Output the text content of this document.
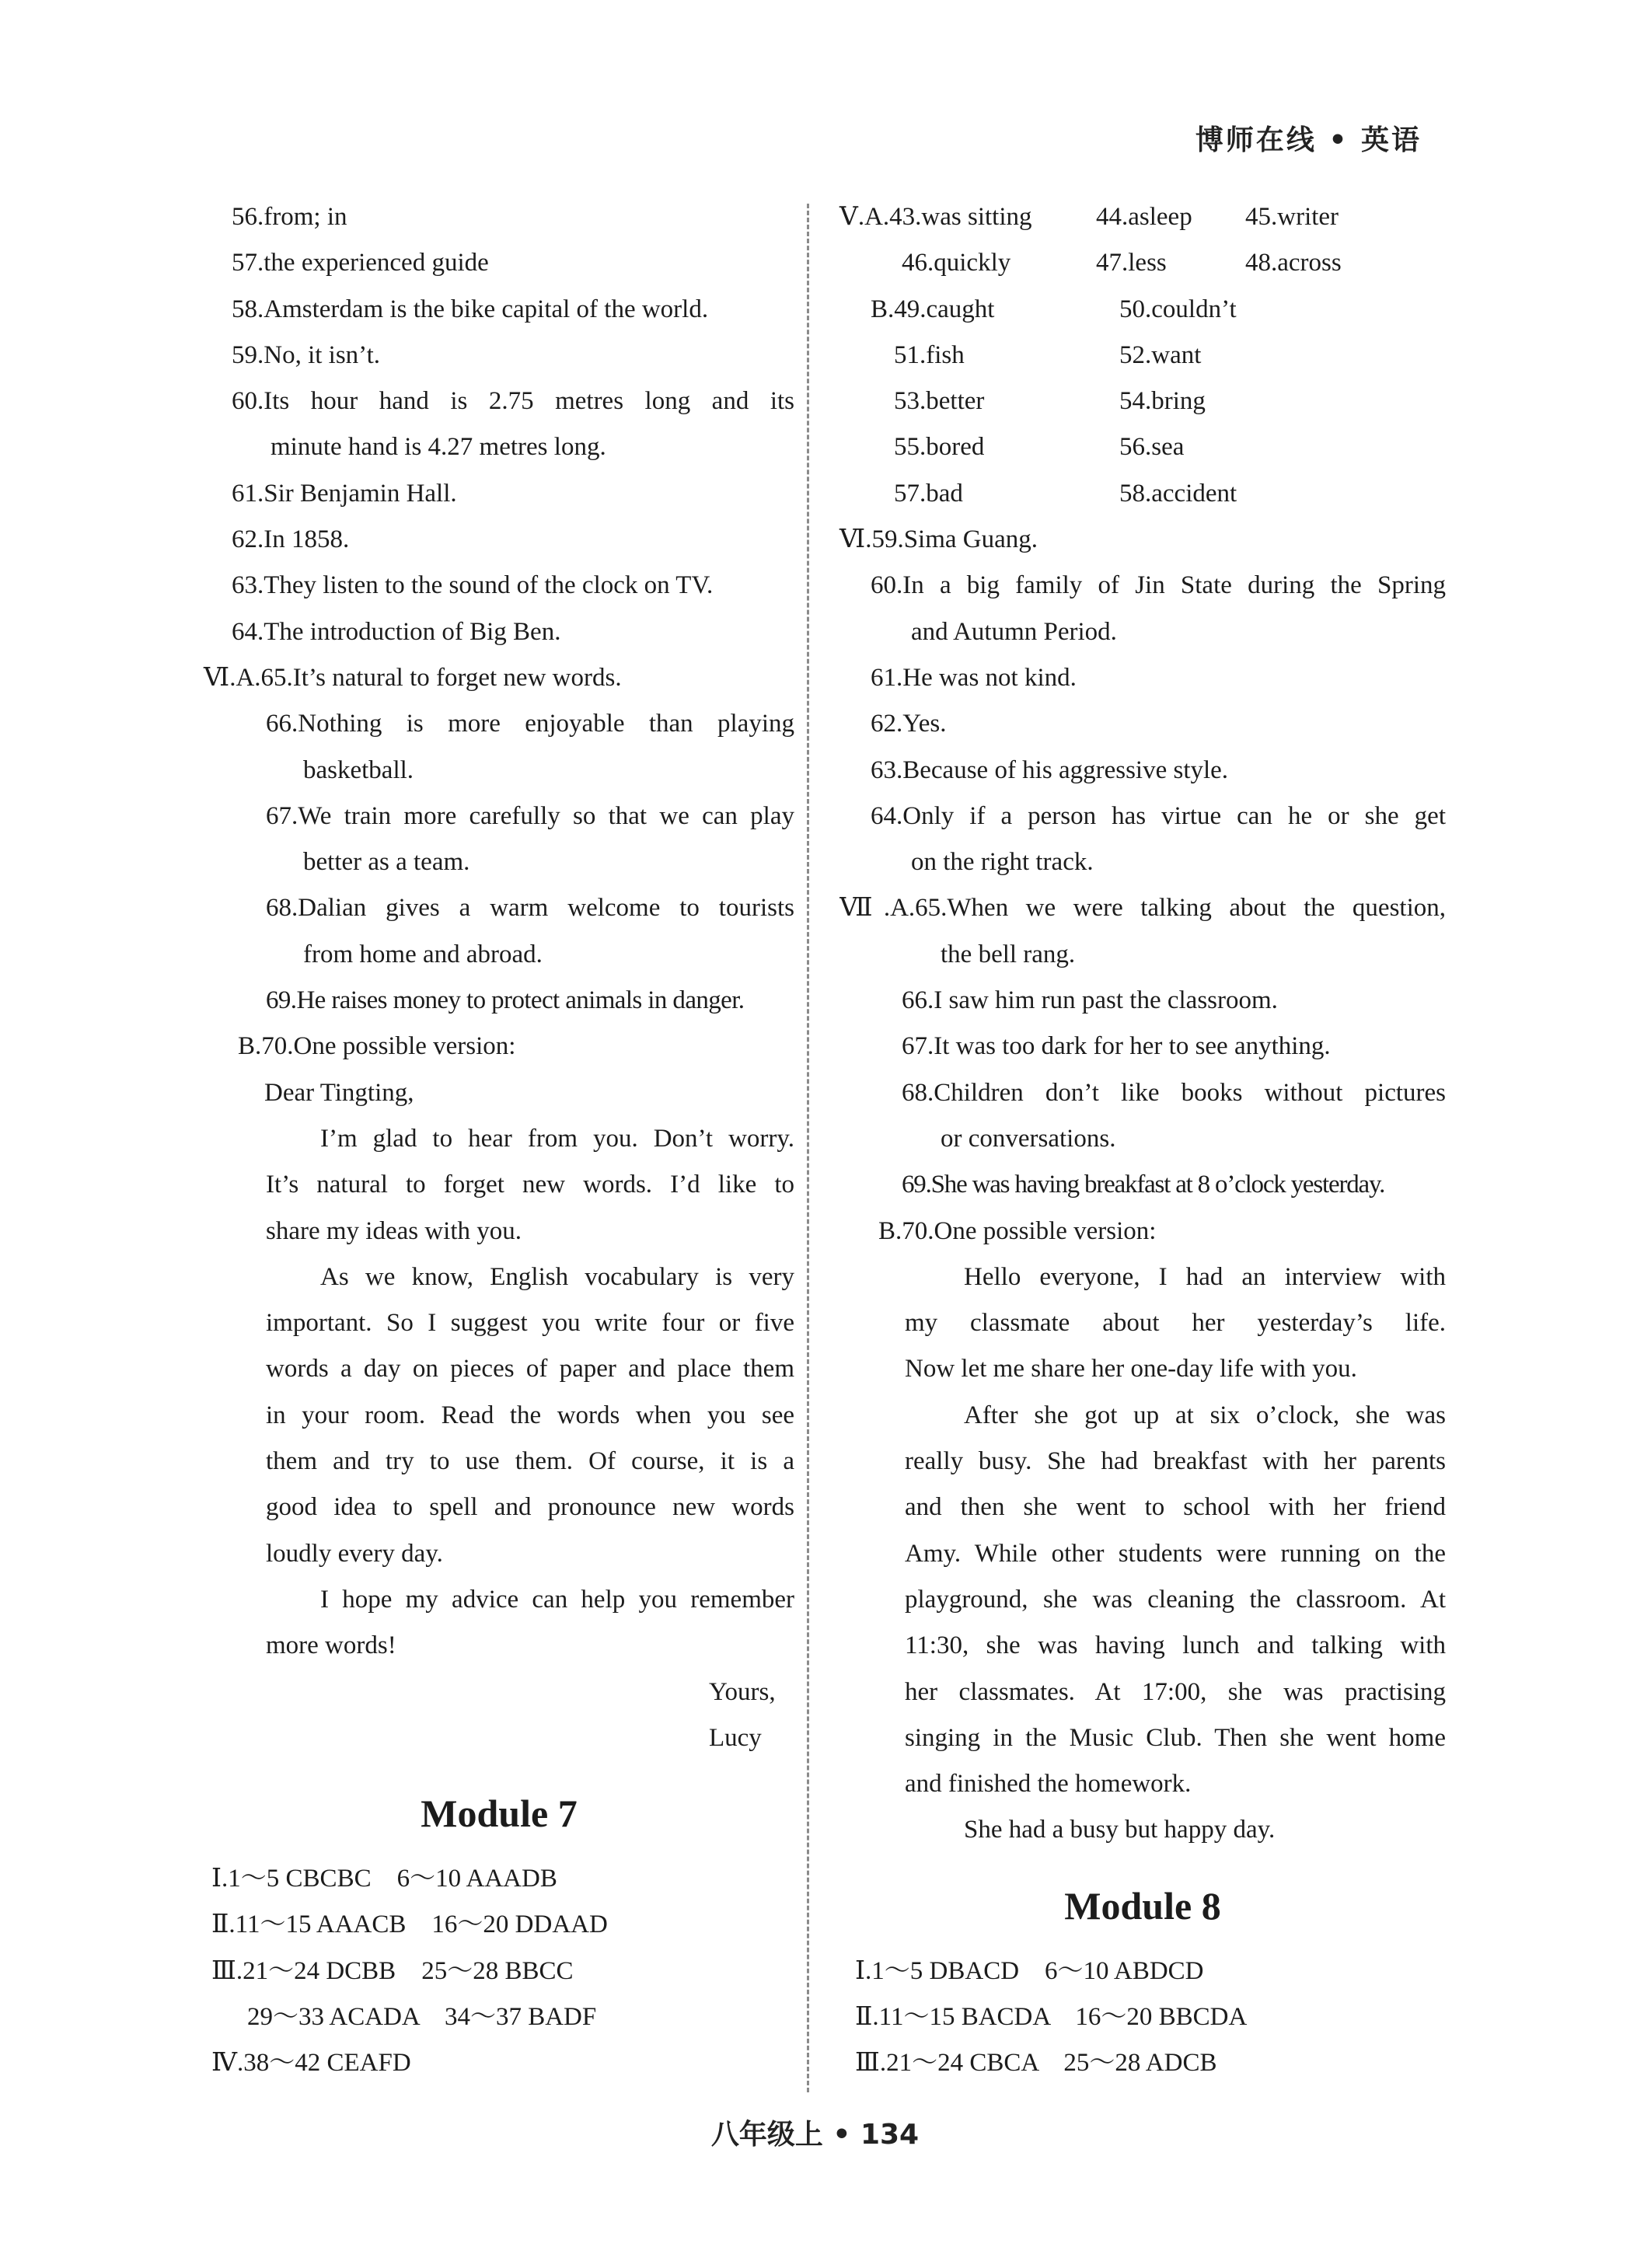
博师在线 • 英语
56.from; in
57.the experienced guide
58.Amsterdam is the bike capital of the world.
59.No, it isn’t.
60.Its hour hand is 2.75 metres long and its
minute hand is 4.27 metres long.
61.Sir Benjamin Hall.
62.In 1858.
63.They listen to the sound of the clock on TV.
64.The introduction of Big Ben.
Ⅵ.A.65.It’s natural to forget new words.
66.Nothing is more enjoyable than playing
basketball.
67.We train more carefully so that we can play
better as a team.
68.Dalian gives a warm welcome to tourists
from home and abroad.
69.He raises money to protect animals in danger.
B.70.One possible version:
Dear Tingting,
I’m glad to hear from you. Don’t worry.
It’s natural to forget new words. I’d like to
share my ideas with you.
As we know, English vocabulary is very
important. So I suggest you write four or five
words a day on pieces of paper and place them
in your room. Read the words when you see
them and try to use them. Of course, it is a
good idea to spell and pronounce new words
loudly every day.
I hope my advice can help you remember
more words!
Yours,
Lucy
Module 7
Ⅰ.1～5 CBCBC　6～10 AAADB
Ⅱ.11～15 AAACB　16～20 DDAAD
Ⅲ.21～24 DCBB　25～28 BBCC
29～33 ACADA　34～37 BADF
Ⅳ.38～42 CEAFD
Ⅴ.A.43.was sitting	44.asleep 45.writer
46.quickly	47.less	48.across
B.49.caught	50.couldn’t
51.fish	52.want
53.better	54.bring
55.bored	56.sea
57.bad	58.accident
Ⅵ.59.Sima Guang.
60.In a big family of Jin State during the Spring
and Autumn Period.
61.He was not kind.
62.Yes.
63.Because of his aggressive style.
64.Only if a person has virtue can he or she get
on the right track.
Ⅶ.A.65.When we were talking about the question,
the bell rang.
66.I saw him run past the classroom.
67.It was too dark for her to see anything.
68.Children don’t like books without pictures
or conversations.
69.She was having breakfast at 8 o’clock yesterday.
B.70.One possible version:
Hello everyone, I had an interview with
my classmate about her yesterday’s life.
Now let me share her one-day life with you.
After she got up at six o’clock, she was
really busy. She had breakfast with her parents
and then she went to school with her friend
Amy. While other students were running on the
playground, she was cleaning the classroom. At
11:30, she was having lunch and talking with
her classmates. At 17:00, she was practising
singing in the Music Club. Then she went home
and finished the homework.
She had a busy but happy day.
Module 8
Ⅰ.1～5 DBACD　6～10 ABDCD
Ⅱ.11～15 BACDA　16～20 BBCDA
Ⅲ.21～24 CBCA　25～28 ADCB
八年级上 • 134
